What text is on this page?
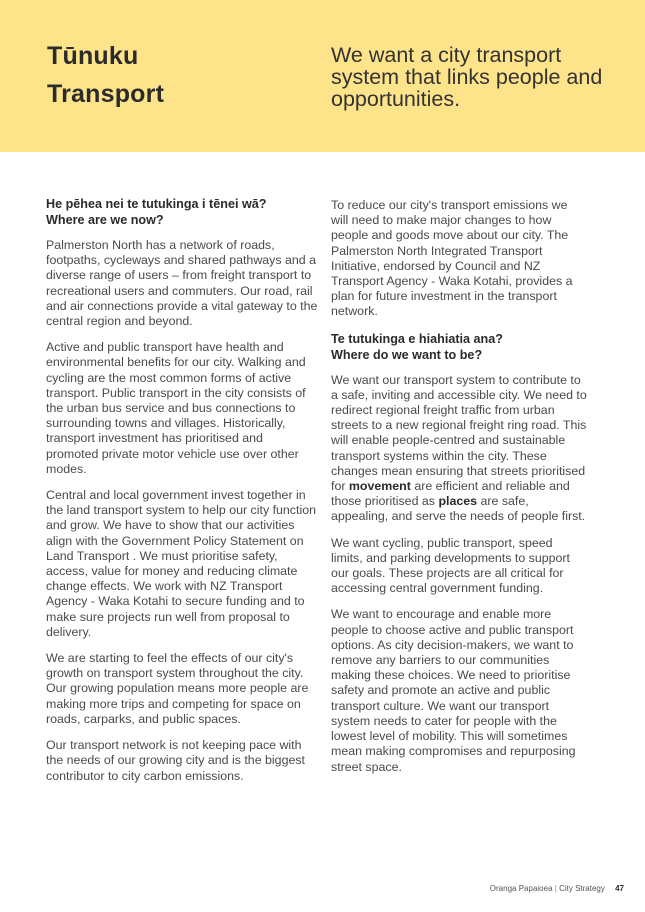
Tūnuku
Transport
We want a city transport system that links people and opportunities.
He pēhea nei te tutukinga i tēnei wā?
Where are we now?

Palmerston North has a network of roads, footpaths, cycleways and shared pathways and a diverse range of users – from freight transport to recreational users and commuters. Our road, rail and air connections provide a vital gateway to the central region and beyond.

Active and public transport have health and environmental benefits for our city. Walking and cycling are the most common forms of active transport. Public transport in the city consists of the urban bus service and bus connections to surrounding towns and villages. Historically, transport investment has prioritised and promoted private motor vehicle use over other modes.

Central and local government invest together in the land transport system to help our city function and grow. We have to show that our activities align with the Government Policy Statement on Land Transport . We must prioritise safety, access, value for money and reducing climate change effects. We work with NZ Transport Agency - Waka Kotahi to secure funding and to make sure projects run well from proposal to delivery.

We are starting to feel the effects of our city's growth on transport system throughout the city. Our growing population means more people are making more trips and competing for space on roads, carparks, and public spaces.

Our transport network is not keeping pace with the needs of our growing city and is the biggest contributor to city carbon emissions.

To reduce our city's transport emissions we will need to make major changes to how people and goods move about our city. The Palmerston North Integrated Transport Initiative, endorsed by Council and NZ Transport Agency - Waka Kotahi, provides a plan for future investment in the transport network.

Te tutukinga e hiahiatia ana?
Where do we want to be?

We want our transport system to contribute to a safe, inviting and accessible city. We need to redirect regional freight traffic from urban streets to a new regional freight ring road. This will enable people-centred and sustainable transport systems within the city. These changes mean ensuring that streets prioritised for movement are efficient and reliable and those prioritised as places are safe, appealing, and serve the needs of people first.

We want cycling, public transport, speed limits, and parking developments to support our goals. These projects are all critical for accessing central government funding.

We want to encourage and enable more people to choose active and public transport options. As city decision-makers, we want to remove any barriers to our communities making these choices. We need to prioritise safety and promote an active and public transport culture. We want our transport system needs to cater for people with the lowest level of mobility. This will sometimes mean making compromises and repurposing street space.

Oranga Papaioea | City Strategy 47
